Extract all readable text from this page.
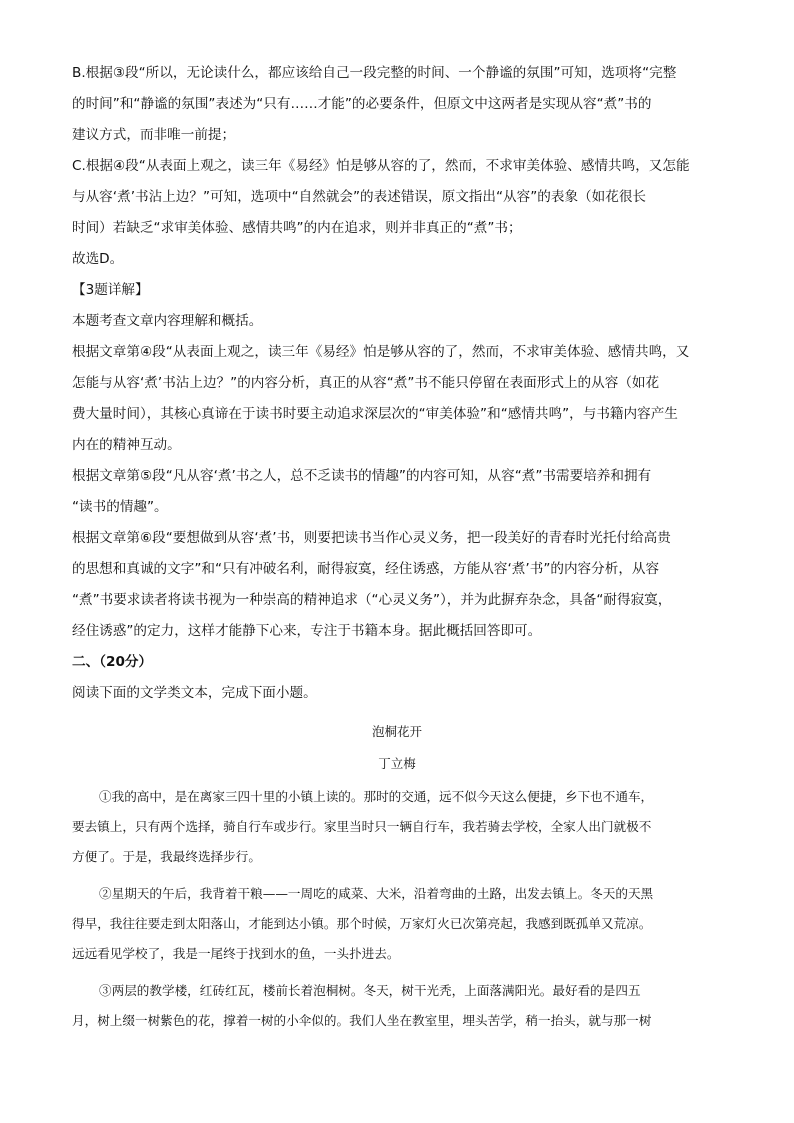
B.根据③段“所以，无论读什么，都应该给自己一段完整的时间、一个静谧的氛围”可知，选项将“完整

的时间”和“静谧的氛围”表述为“只有……才能”的必要条件，但原文中这两者是实现从容“煮”书的

建议方式，而非唯一前提；

C.根据④段“从表面上观之，读三年《易经》怕是够从容的了，然而，不求审美体验、感情共鸣，又怎能

与从容‘煮’书沾上边？”可知，选项中“自然就会”的表述错误，原文指出“从容”的表象（如花很长

时间）若缺乏“求审美体验、感情共鸣”的内在追求，则并非真正的“煮”书；

故选D。

【3题详解】

本题考查文章内容理解和概括。

根据文章第④段“从表面上观之，读三年《易经》怕是够从容的了，然而，不求审美体验、感情共鸣，又

怎能与从容‘煮’书沾上边？”的内容分析，真正的从容“煮”书不能只停留在表面形式上的从容（如花

费大量时间），其核心真谛在于读书时要主动追求深层次的“审美体验”和“感情共鸣”，与书籍内容产生

内在的精神互动。

根据文章第⑤段“凡从容‘煮’书之人，总不乏读书的情趣”的内容可知，从容“煮”书需要培养和拥有

“读书的情趣”。

根据文章第⑥段“要想做到从容‘煮’书，则要把读书当作心灵义务，把一段美好的青春时光托付给高贵

的思想和真诚的文字”和“只有冲破名利，耐得寂寞，经住诱惑，方能从容‘煮’书”的内容分析，从容

“煮”书要求读者将读书视为一种崇高的精神追求（“心灵义务”），并为此摒弃杂念，具备“耐得寂寞，

经住诱惑”的定力，这样才能静下心来，专注于书籍本身。据此概括回答即可。

二、（20分）

阅读下面的文学类文本，完成下面小题。

泡桐花开
丁立梅

①我的高中，是在离家三四十里的小镇上读的。那时的交通，远不似今天这么便捷，乡下也不通车，

要去镇上，只有两个选择，骑自行车或步行。家里当时只一辆自行车，我若骑去学校，全家人出门就极不

方便了。于是，我最终选择步行。

②星期天的午后，我背着干粮——一周吃的咸菜、大米，沿着弯曲的土路，出发去镇上。冬天的天黑

得早，我往往要走到太阳落山，才能到达小镇。那个时候，万家灯火已次第亮起，我感到既孤单又荒凉。

远远看见学校了，我是一尾终于找到水的鱼，一头扑进去。

③两层的教学楼，红砖红瓦，楼前长着泡桐树。冬天，树干光秃，上面落满阳光。最好看的是四五

月，树上缀一树紫色的花，撑着一树的小伞似的。我们人坐在教室里，埋头苦学，稍一抬头，就与那一树
